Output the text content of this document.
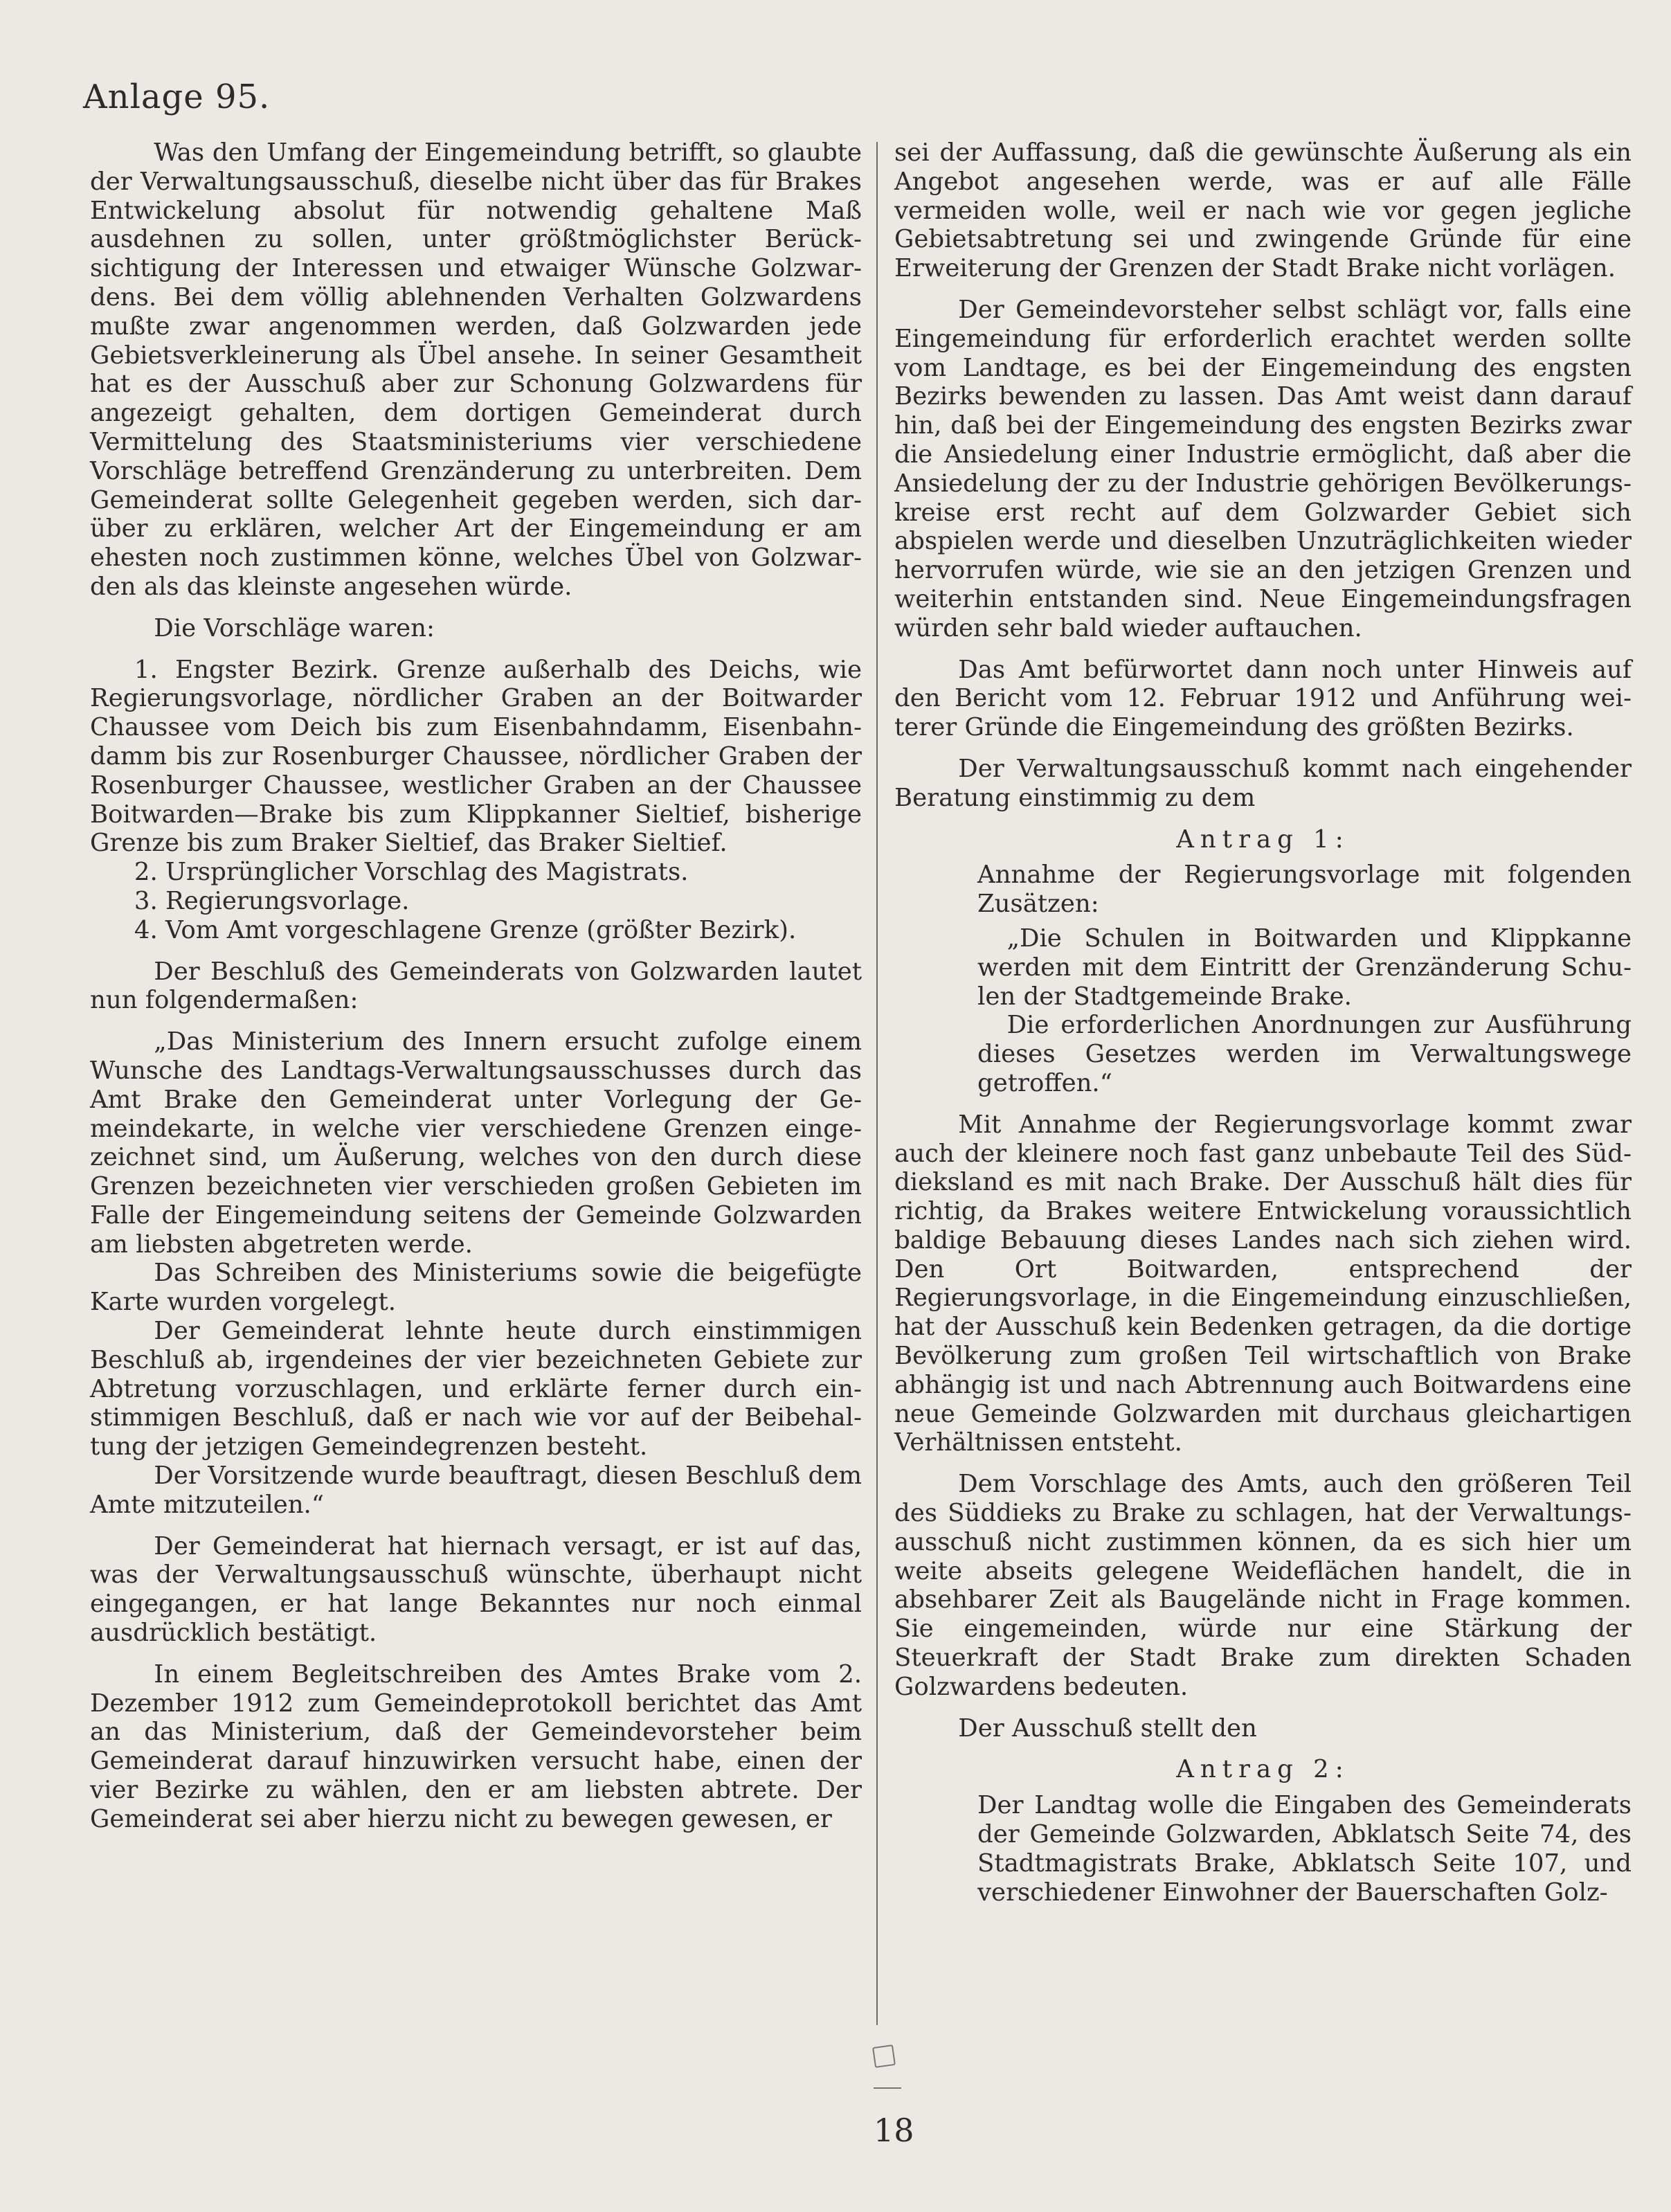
Anlage 95.

Was den Umfang der Eingemeindung betrifft, so glaubte der Verwaltungsausschuß, dieselbe nicht über das für Brakes Entwickelung absolut für notwendig gehaltene Maß ausdehnen zu sollen, unter größtmöglichster Berücksichtigung der Interessen und etwaiger Wünsche Golzwardens. Bei dem völlig ablehnenden Verhalten Golzwardens mußte zwar angenommen werden, daß Golzwarden jede Gebietsverkleinerung als Übel ansehe. In seiner Gesamtheit hat es der Ausschuß aber zur Schonung Golzwardens für angezeigt gehalten, dem dortigen Gemeinderat durch Vermittelung des Staatsministeriums vier verschiedene Vorschläge betreffend Grenzänderung zu unterbreiten. Dem Gemeinderat sollte Gelegenheit gegeben werden, sich darüber zu erklären, welcher Art der Eingemeindung er am ehesten noch zustimmen könne, welches Übel von Golzwarden als das kleinste angesehen würde.

Die Vorschläge waren:

1. Engster Bezirk. Grenze außerhalb des Deichs, wie Regierungsvorlage, nördlicher Graben an der Boitwarder Chaussee vom Deich bis zum Eisenbahndamm, Eisenbahndamm bis zur Rosenburger Chaussee, nördlicher Graben der Rosenburger Chaussee, westlicher Graben an der Chaussee Boitwarden—Brake bis zum Klippkanner Sieltief, bisherige Grenze bis zum Braker Sieltief, das Braker Sieltief.
2. Ursprünglicher Vorschlag des Magistrats.
3. Regierungsvorlage.
4. Vom Amt vorgeschlagene Grenze (größter Bezirk).

Der Beschluß des Gemeinderats von Golzwarden lautet nun folgendermaßen:

„Das Ministerium des Innern ersucht zufolge einem Wunsche des Landtags-Verwaltungsausschusses durch das Amt Brake den Gemeinderat unter Vorlegung der Gemeindekarte, in welche vier verschiedene Grenzen eingezeichnet sind, um Äußerung, welches von den durch diese Grenzen bezeichneten vier verschieden großen Gebieten im Falle der Eingemeindung seitens der Gemeinde Golzwarden am liebsten abgetreten werde.

Das Schreiben des Ministeriums sowie die beigefügte Karte wurden vorgelegt.

Der Gemeinderat lehnte heute durch einstimmigen Beschluß ab, irgendeines der vier bezeichneten Gebiete zur Abtretung vorzuschlagen, und erklärte ferner durch einstimmigen Beschluß, daß er nach wie vor auf der Beibehaltung der jetzigen Gemeindegrenzen besteht.

Der Vorsitzende wurde beauftragt, diesen Beschluß dem Amte mitzuteilen.“

Der Gemeinderat hat hiernach versagt, er ist auf das, was der Verwaltungsausschuß wünschte, überhaupt nicht eingegangen, er hat lange Bekanntes nur noch einmal ausdrücklich bestätigt.

In einem Begleitschreiben des Amtes Brake vom 2. Dezember 1912 zum Gemeindeprotokoll berichtet das Amt an das Ministerium, daß der Gemeindevorsteher beim Gemeinderat darauf hinzuwirken versucht habe, einen der vier Bezirke zu wählen, den er am liebsten abtrete. Der Gemeinderat sei aber hierzu nicht zu bewegen gewesen, er

sei der Auffassung, daß die gewünschte Äußerung als ein Angebot angesehen werde, was er auf alle Fälle vermeiden wolle, weil er nach wie vor gegen jegliche Gebietsabtretung sei und zwingende Gründe für eine Erweiterung der Grenzen der Stadt Brake nicht vorlägen.

Der Gemeindevorsteher selbst schlägt vor, falls eine Eingemeindung für erforderlich erachtet werden sollte vom Landtage, es bei der Eingemeindung des engsten Bezirks bewenden zu lassen. Das Amt weist dann darauf hin, daß bei der Eingemeindung des engsten Bezirks zwar die Ansiedelung einer Industrie ermöglicht, daß aber die Ansiedelung der zu der Industrie gehörigen Bevölkerungskreise erst recht auf dem Golzwarder Gebiet sich abspielen werde und dieselben Unzuträglichkeiten wieder hervorrufen würde, wie sie an den jetzigen Grenzen und weiterhin entstanden sind. Neue Eingemeindungsfragen würden sehr bald wieder auftauchen.

Das Amt befürwortet dann noch unter Hinweis auf den Bericht vom 12. Februar 1912 und Anführung weiterer Gründe die Eingemeindung des größten Bezirks.

Der Verwaltungsausschuß kommt nach eingehender Beratung einstimmig zu dem

Antrag 1:

Annahme der Regierungsvorlage mit folgenden Zusätzen:

„Die Schulen in Boitwarden und Klippkanne werden mit dem Eintritt der Grenzänderung Schulen der Stadtgemeinde Brake.

Die erforderlichen Anordnungen zur Ausführung dieses Gesetzes werden im Verwaltungswege getroffen.“

Mit Annahme der Regierungsvorlage kommt zwar auch der kleinere noch fast ganz unbebaute Teil des Süddieksland es mit nach Brake. Der Ausschuß hält dies für richtig, da Brakes weitere Entwickelung voraussichtlich baldige Bebauung dieses Landes nach sich ziehen wird. Den Ort Boitwarden, entsprechend der Regierungsvorlage, in die Eingemeindung einzuschließen, hat der Ausschuß kein Bedenken getragen, da die dortige Bevölkerung zum großen Teil wirtschaftlich von Brake abhängig ist und nach Abtrennung auch Boitwardens eine neue Gemeinde Golzwarden mit durchaus gleichartigen Verhältnissen entsteht.

Dem Vorschlage des Amts, auch den größeren Teil des Süddieks zu Brake zu schlagen, hat der Verwaltungsausschuß nicht zustimmen können, da es sich hier um weite abseits gelegene Weideflächen handelt, die in absehbarer Zeit als Baugelände nicht in Frage kommen. Sie eingemeinden, würde nur eine Stärkung der Steuerkraft der Stadt Brake zum direkten Schaden Golzwardens bedeuten.

Der Ausschuß stellt den

Antrag 2:

Der Landtag wolle die Eingaben des Gemeinderats der Gemeinde Golzwarden, Abklatsch Seite 74, des Stadtmagistrats Brake, Abklatsch Seite 107, und verschiedener Einwohner der Bauerschaften Golz-

18
